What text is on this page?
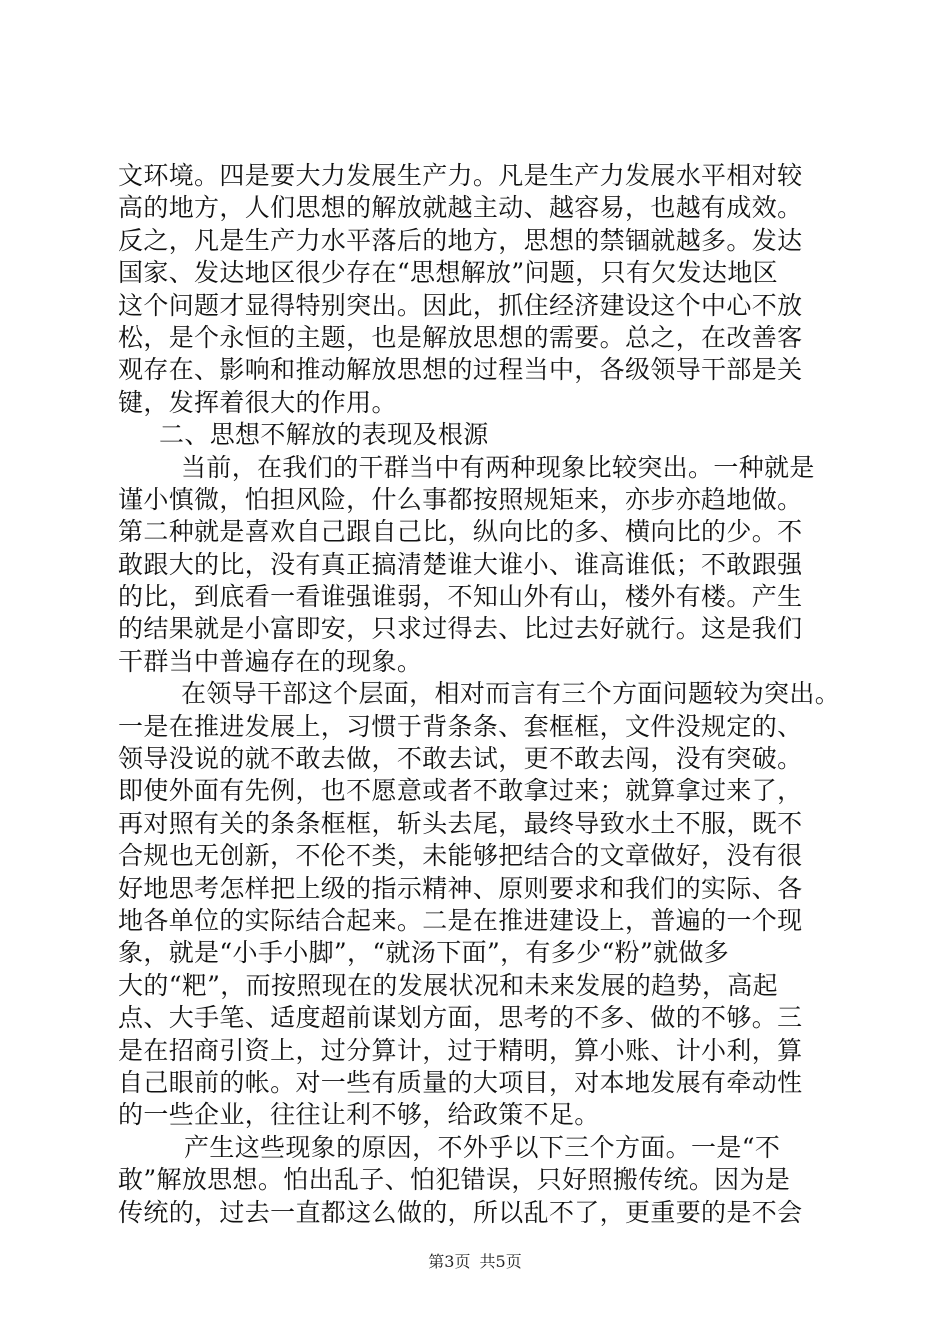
文环境。四是要大力发展生产力。凡是生产力发展水平相对较
高的地方，人们思想的解放就越主动、越容易，也越有成效。
反之，凡是生产力水平落后的地方，思想的禁锢就越多。发达
国家、发达地区很少存在“思想解放”问题，只有欠发达地区
这个问题才显得特别突出。因此，抓住经济建设这个中心不放
松，是个永恒的主题，也是解放思想的需要。总之，在改善客
观存在、影响和推动解放思想的过程当中，各级领导干部是关
键，发挥着很大的作用。
二、思想不解放的表现及根源
当前，在我们的干群当中有两种现象比较突出。一种就是
谨小慎微，怕担风险，什么事都按照规矩来，亦步亦趋地做。
第二种就是喜欢自己跟自己比，纵向比的多、横向比的少。不
敢跟大的比，没有真正搞清楚谁大谁小、谁高谁低；不敢跟强
的比，到底看一看谁强谁弱，不知山外有山，楼外有楼。产生
的结果就是小富即安，只求过得去、比过去好就行。这是我们
干群当中普遍存在的现象。
在领导干部这个层面，相对而言有三个方面问题较为突出。
一是在推进发展上，习惯于背条条、套框框，文件没规定的、
领导没说的就不敢去做，不敢去试，更不敢去闯，没有突破。
即使外面有先例，也不愿意或者不敢拿过来；就算拿过来了，
再对照有关的条条框框，斩头去尾，最终导致水土不服，既不
合规也无创新，不伦不类，未能够把结合的文章做好，没有很
好地思考怎样把上级的指示精神、原则要求和我们的实际、各
地各单位的实际结合起来。二是在推进建设上，普遍的一个现
象，就是“小手小脚”，“就汤下面”，有多少“粉”就做多
大的“粑”，而按照现在的发展状况和未来发展的趋势，高起
点、大手笔、适度超前谋划方面，思考的不多、做的不够。三
是在招商引资上，过分算计，过于精明，算小账、计小利，算
自己眼前的帐。对一些有质量的大项目，对本地发展有牵动性
的一些企业，往往让利不够，给政策不足。
产生这些现象的原因，不外乎以下三个方面。一是“不
敢”解放思想。怕出乱子、怕犯错误，只好照搬传统。因为是
传统的，过去一直都这么做的，所以乱不了，更重要的是不会
第3页 共5页
